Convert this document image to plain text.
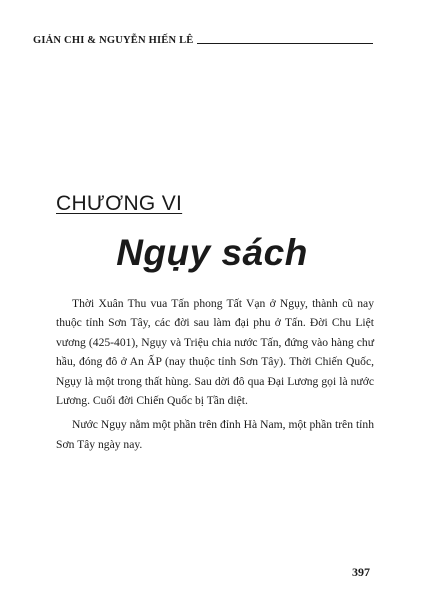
GIẢN CHI & NGUYỄN HIẾN LÊ
CHƯƠNG VI
Ngụy sách

Thời Xuân Thu vua Tấn phong Tất Vạn ở Ngụy, thành cũ nay thuộc tỉnh Sơn Tây, các đời sau làm đại phu ở Tấn. Đời Chu Liệt vương (425-401), Ngụy và Triệu chia nước Tấn, đứng vào hàng chư hầu, đóng đô ở An ẤP (nay thuộc tỉnh Sơn Tây). Thời Chiến Quốc, Ngụy là một trong thất hùng. Sau dời đô qua Đại Lương gọi là nước Lương. Cuối đời Chiến Quốc bị Tần diệt.

Nước Ngụy nằm một phần trên đỉnh Hà Nam, một phần trên tỉnh Sơn Tây ngày nay.

397
